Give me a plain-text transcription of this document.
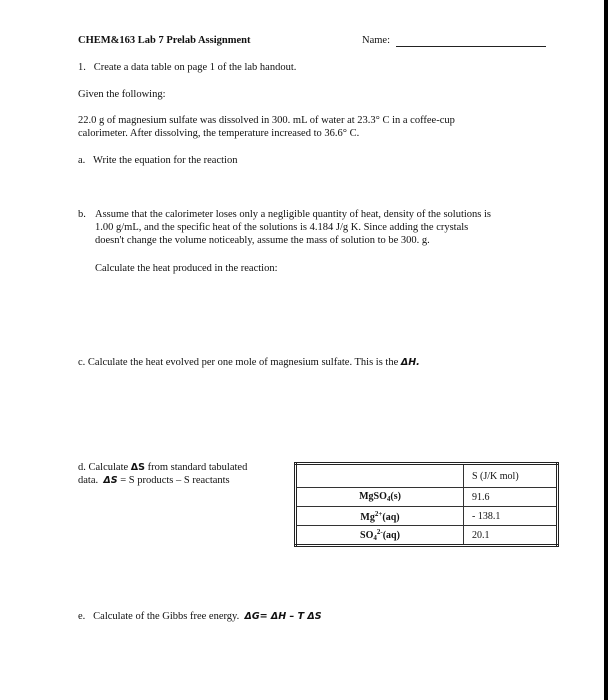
CHEM&163 Lab 7 Prelab Assignment	Name:
1. Create a data table on page 1 of the lab handout.
Given the following:
22.0 g of magnesium sulfate was dissolved in 300. mL of water at 23.3° C in a coffee-cup
calorimeter. After dissolving, the temperature increased to 36.6° C.
a. Write the equation for the reaction
b. Assume that the calorimeter loses only a negligible quantity of heat, density of the solutions is
1.00 g/mL, and the specific heat of the solutions is 4.184 J/g K. Since adding the crystals
doesn't change the volume noticeably, assume the mass of solution to be 300. g.
Calculate the heat produced in the reaction:
c. Calculate the heat evolved per one mole of magnesium sulfate. This is the ΔH.
d. Calculate ΔS from standard tabulated
data. ΔS = S products – S reactants
		S (J/K mol)
MgSO$_4$(s)	91.6
$Mg^{2+}(aq)$	- 138.1
$SO_4^{2-}(aq)$	20.1
e. Calculate of the Gibbs free energy. ΔG= ΔH – T ΔS
